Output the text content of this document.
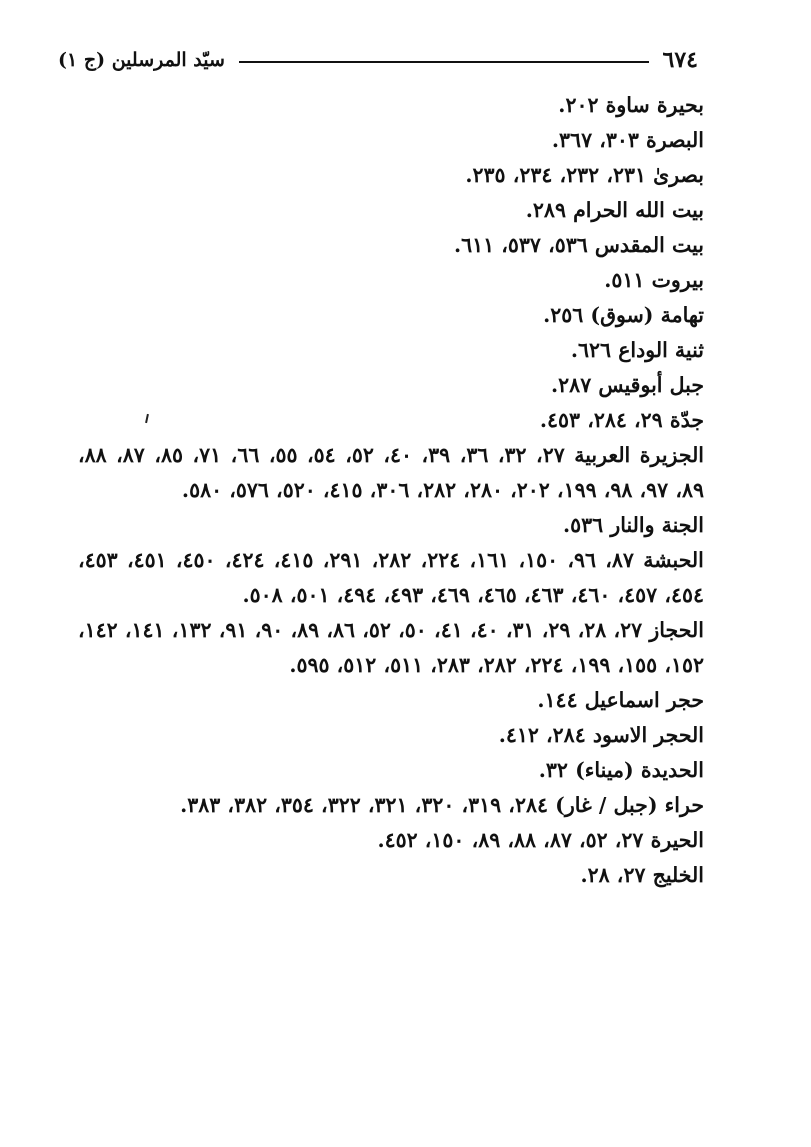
٦٧٤
سيّد المرسلين (ج ١)

بحيرة ساوة ٢٠٢.

البصرة ٣٠٣، ٣٦٧.

بصرىٰ ٢٣١، ٢٣٢، ٢٣٤، ٢٣٥.

بيت الله الحرام ٢٨٩.

بيت المقدس ٥٣٦، ٥٣٧، ٦١١.

بيروت ٥١١.

تهامة (سوق) ٢٥٦.

ثنية الوداع ٦٢٦.

جبل أبوقيس ٢٨٧.

جدّة ٢٩، ٢٨٤، ٤٥٣.

الجزيرة العربية ٢٧، ٣٢، ٣٦، ٣٩، ٤٠، ٥٢، ٥٤، ٥٥، ٦٦، ٧١، ٨٥، ٨٧، ٨٨، ٨٩، ٩٧، ٩٨، ١٩٩، ٢٠٢، ٢٨٠، ٢٨٢، ٣٠٦، ٤١٥، ٥٢٠، ٥٧٦، ٥٨٠.

الجنة والنار ٥٣٦.

الحبشة ٨٧، ٩٦، ١٥٠، ١٦١، ٢٢٤، ٢٨٢، ٢٩١، ٤١٥، ٤٢٤، ٤٥٠، ٤٥١، ٤٥٣، ٤٥٤، ٤٥٧، ٤٦٠، ٤٦٣، ٤٦٥، ٤٦٩، ٤٩٣، ٤٩٤، ٥٠١، ٥٠٨.

الحجاز ٢٧، ٢٨، ٢٩، ٣١، ٤٠، ٤١، ٥٠، ٥٢، ٨٦، ٨٩، ٩٠، ٩١، ١٣٢، ١٤١، ١٤٢، ١٥٢، ١٥٥، ١٩٩، ٢٢٤، ٢٨٢، ٢٨٣، ٥١١، ٥١٢، ٥٩٥.

حجر اسماعيل ١٤٤.

الحجر الاسود ٢٨٤، ٤١٢.

الحديدة (ميناء) ٣٢.

حراء (جبل / غار) ٢٨٤، ٣١٩، ٣٢٠، ٣٢١، ٣٢٢، ٣٥٤، ٣٨٢، ٣٨٣.

الحيرة ٢٧، ٥٢، ٨٧، ٨٨، ٨٩، ١٥٠، ٤٥٢.

الخليج ٢٧، ٢٨.
